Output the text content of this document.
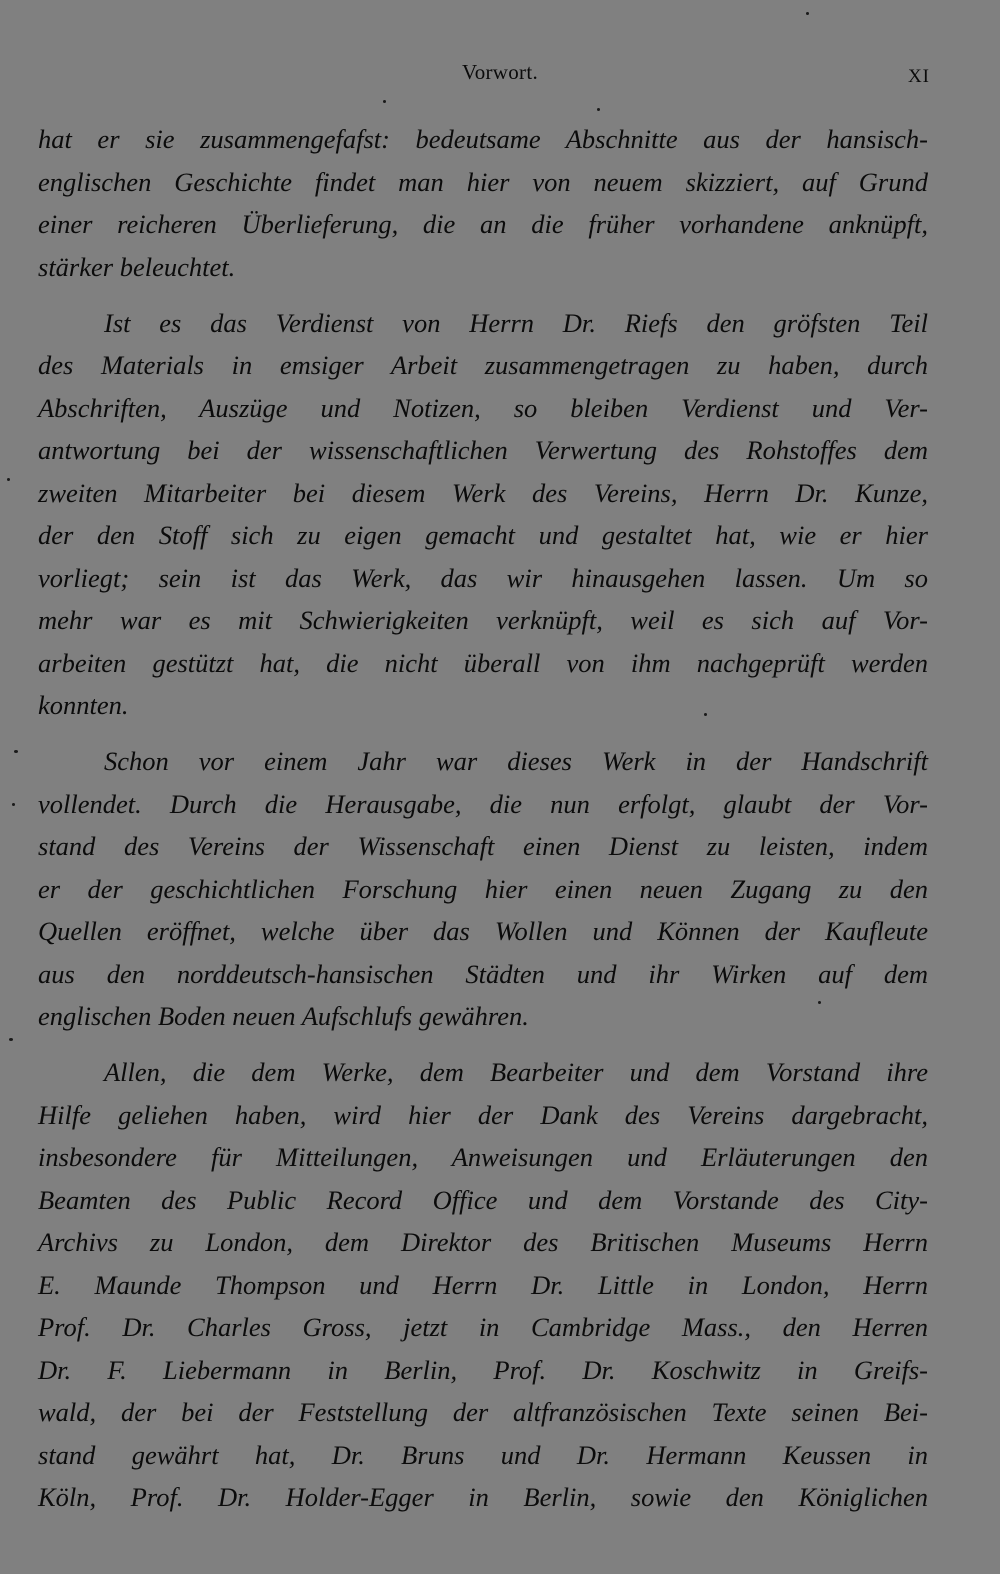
Vorwort.	XI

hat er sie zusammengefafst: bedeutsame Abschnitte aus der hansisch-
englischen Geschichte findet man hier von neuem skizziert, auf Grund
einer reicheren Überlieferung, die an die früher vorhandene anknüpft,
stärker beleuchtet.

Ist es das Verdienst von Herrn Dr. Riefs den gröfsten Teil
des Materials in emsiger Arbeit zusammengetragen zu haben, durch
Abschriften, Auszüge und Notizen, so bleiben Verdienst und Ver-
antwortung bei der wissenschaftlichen Verwertung des Rohstoffes dem
zweiten Mitarbeiter bei diesem Werk des Vereins, Herrn Dr. Kunze,
der den Stoff sich zu eigen gemacht und gestaltet hat, wie er hier
vorliegt; sein ist das Werk, das wir hinausgehen lassen. Um so
mehr war es mit Schwierigkeiten verknüpft, weil es sich auf Vor-
arbeiten gestützt hat, die nicht überall von ihm nachgeprüft werden
konnten.

Schon vor einem Jahr war dieses Werk in der Handschrift
vollendet. Durch die Herausgabe, die nun erfolgt, glaubt der Vor-
stand des Vereins der Wissenschaft einen Dienst zu leisten, indem
er der geschichtlichen Forschung hier einen neuen Zugang zu den
Quellen eröffnet, welche über das Wollen und Können der Kaufleute
aus den norddeutsch-hansischen Städten und ihr Wirken auf dem
englischen Boden neuen Aufschlufs gewähren.

Allen, die dem Werke, dem Bearbeiter und dem Vorstand ihre
Hilfe geliehen haben, wird hier der Dank des Vereins dargebracht,
insbesondere für Mitteilungen, Anweisungen und Erläuterungen den
Beamten des Public Record Office und dem Vorstande des City-
Archivs zu London, dem Direktor des Britischen Museums Herrn
E. Maunde Thompson und Herrn Dr. Little in London, Herrn
Prof. Dr. Charles Gross, jetzt in Cambridge Mass., den Herren
Dr. F. Liebermann in Berlin, Prof. Dr. Koschwitz in Greifs-
wald, der bei der Feststellung der altfranzösischen Texte seinen Bei-
stand gewährt hat, Dr. Bruns und Dr. Hermann Keussen in
Köln, Prof. Dr. Holder-Egger in Berlin, sowie den Königlichen
